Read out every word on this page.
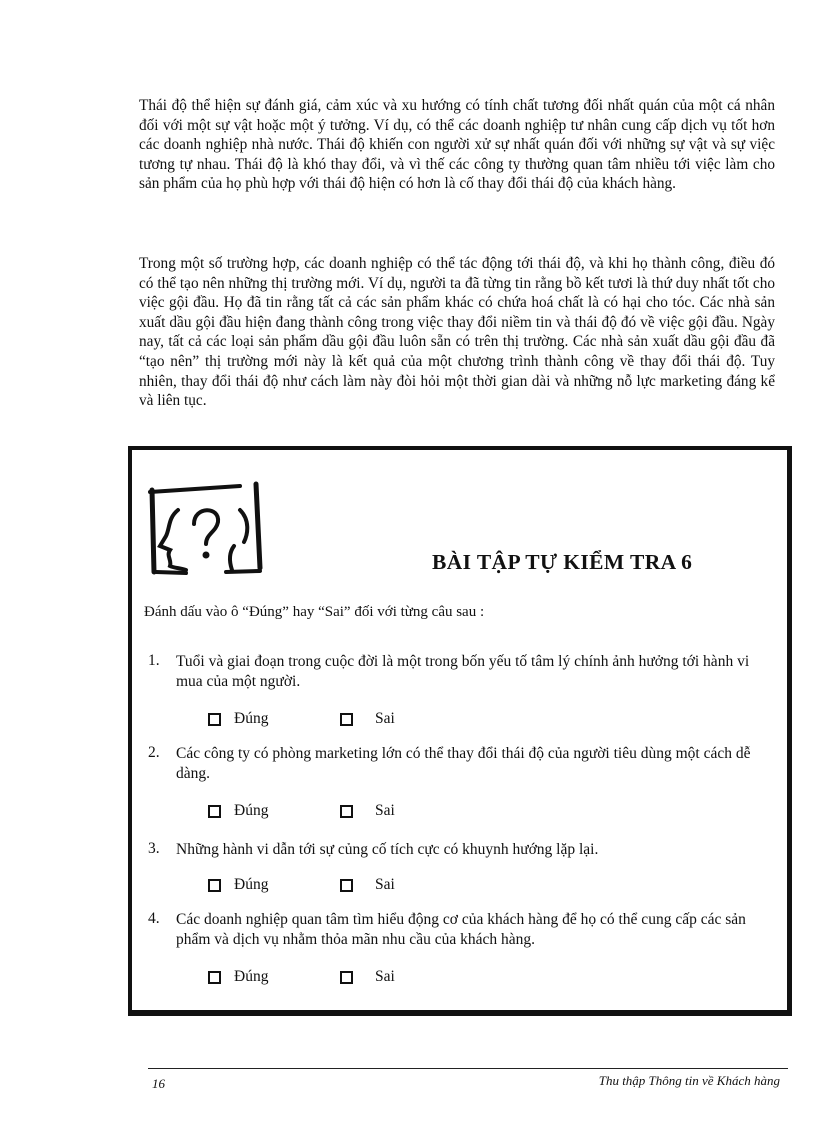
Thái độ thể hiện sự đánh giá, cảm xúc và xu hướng có tính chất tương đối nhất quán của một cá nhân đối với một sự vật hoặc một ý tưởng. Ví dụ, có thể các doanh nghiệp tư nhân cung cấp dịch vụ tốt hơn các doanh nghiệp nhà nước. Thái độ khiến con người xử sự nhất quán đối với những sự vật và sự việc tương tự nhau. Thái độ là khó thay đổi, và vì thế các công ty thường quan tâm nhiều tới việc làm cho sản phẩm của họ phù hợp với thái độ hiện có hơn là cố thay đổi thái độ của khách hàng.

Trong một số trường hợp, các doanh nghiệp có thể tác động tới thái độ, và khi họ thành công, điều đó có thể tạo nên những thị trường mới. Ví dụ, người ta đã từng tin rằng bồ kết tươi là thứ duy nhất tốt cho việc gội đầu. Họ đã tin rằng tất cả các sản phẩm khác có chứa hoá chất là có hại cho tóc. Các nhà sản xuất dầu gội đầu hiện đang thành công trong việc thay đổi niềm tin và thái độ đó về việc gội đầu. Ngày nay, tất cả các loại sản phẩm dầu gội đầu luôn sẵn có trên thị trường. Các nhà sản xuất dầu gội đầu đã “tạo nên” thị trường mới này là kết quả của một chương trình thành công về thay đổi thái độ. Tuy nhiên, thay đổi thái độ như cách làm này đòi hỏi một thời gian dài và những nỗ lực marketing đáng kể và liên tục.

BÀI TẬP TỰ KIỂM TRA 6
Đánh dấu vào ô “Đúng” hay “Sai” đối với từng câu sau :
1. Tuổi và giai đoạn trong cuộc đời là một trong bốn yếu tố tâm lý chính ảnh hưởng tới hành vi mua của một người.
Đúng	Sai
2. Các công ty có phòng marketing lớn có thể thay đổi thái độ của người tiêu dùng một cách dễ dàng.
Đúng	Sai
3. Những hành vi dẫn tới sự củng cố tích cực có khuynh hướng lặp lại.
Đúng	Sai
4. Các doanh nghiệp quan tâm tìm hiểu động cơ của khách hàng để họ có thể cung cấp các sản phẩm và dịch vụ nhằm thỏa mãn nhu cầu của khách hàng.
Đúng	Sai
16	Thu thập Thông tin về Khách hàng
